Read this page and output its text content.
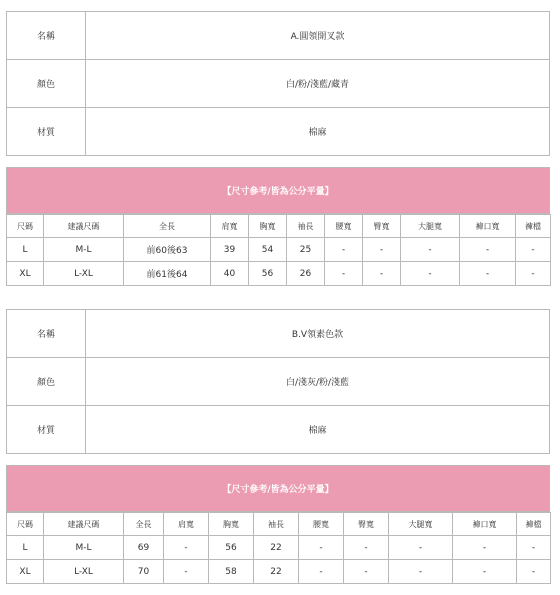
名稱	A.圓領開叉款
顏色	白/粉/淺藍/藏青
材質	棉麻
【尺寸參考/皆為公分平量】
尺碼	建議尺碼	全長	肩寬	胸寬	袖長	腰寬	臀寬	大腿寬	褲口寬	褲檔
L	M-L	前60後63	39	54	25	-	-	-	-	-
XL	L-XL	前61後64	40	56	26	-	-	-	-	-
名稱	B.V領素色款
顏色	白/淺灰/粉/淺藍
材質	棉麻
【尺寸參考/皆為公分平量】
尺碼	建議尺碼	全長	肩寬	胸寬	袖長	腰寬	臀寬	大腿寬	褲口寬	褲檔
L	M-L	69	-	56	22	-	-	-	-	-
XL	L-XL	70	-	58	22	-	-	-	-	-
